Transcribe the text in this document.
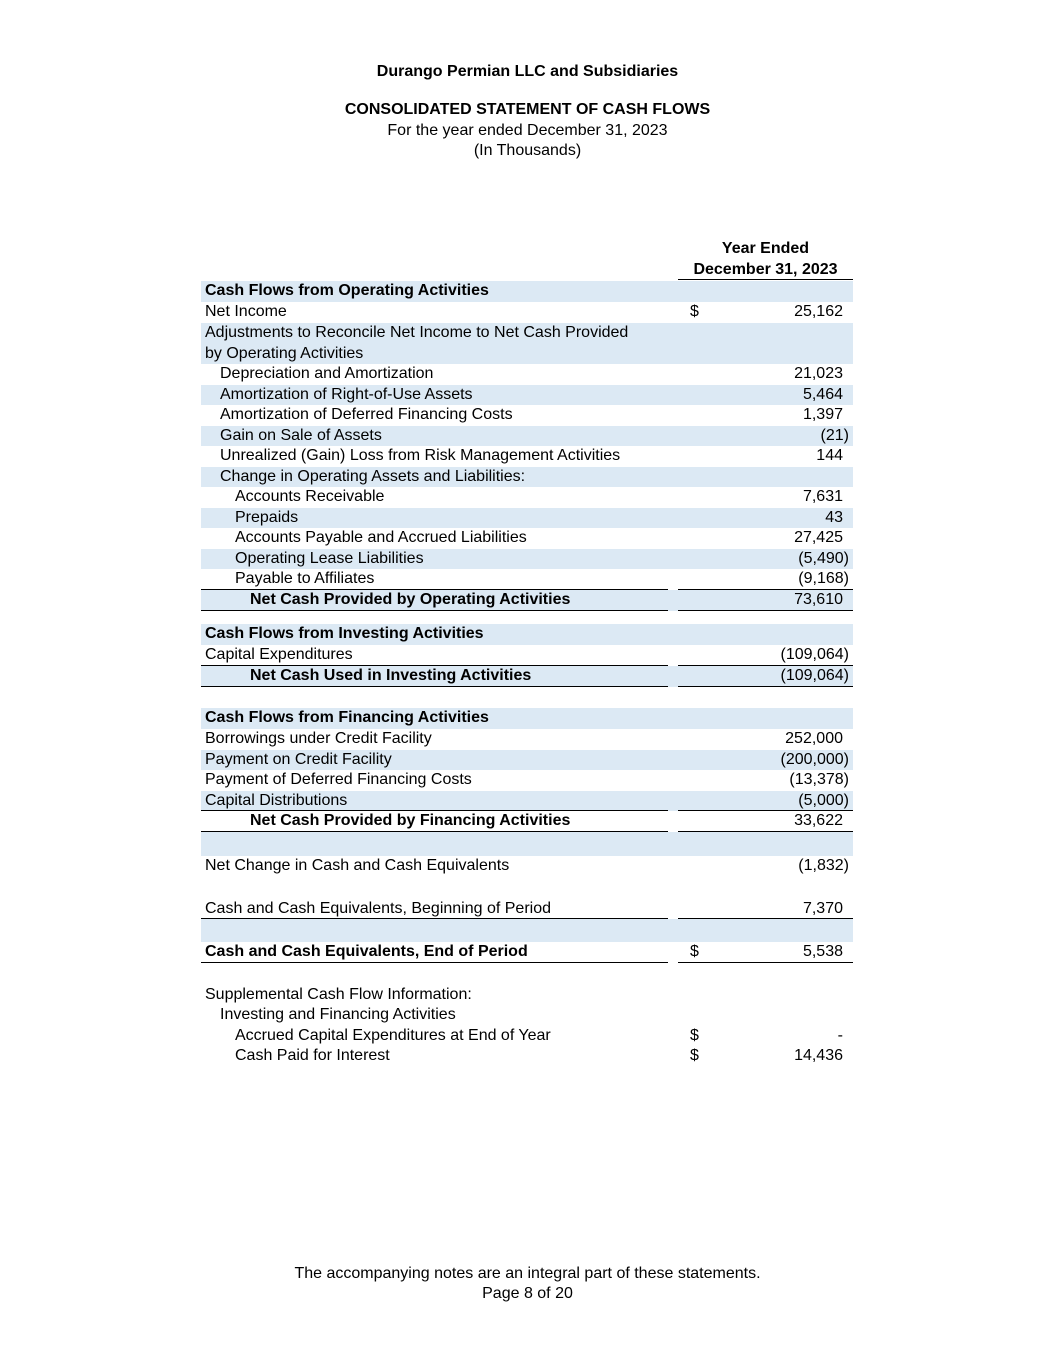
Durango Permian LLC and Subsidiaries
CONSOLIDATED STATEMENT OF CASH FLOWS
For the year ended December 31, 2023
(In Thousands)
Year Ended
December 31, 2023
Cash Flows from Operating Activities
Net Income	$	25,162
Adjustments to Reconcile Net Income to Net Cash Provided
by Operating Activities
Depreciation and Amortization	21,023
Amortization of Right-of-Use Assets	5,464
Amortization of Deferred Financing Costs	1,397
Gain on Sale of Assets	(21)
Unrealized (Gain) Loss from Risk Management Activities	144
Change in Operating Assets and Liabilities:
Accounts Receivable	7,631
Prepaids	43
Accounts Payable and Accrued Liabilities	27,425
Operating Lease Liabilities	(5,490)
Payable to Affiliates	(9,168)
Net Cash Provided by Operating Activities	73,610
Cash Flows from Investing Activities
Capital Expenditures	(109,064)
Net Cash Used in Investing Activities	(109,064)
Cash Flows from Financing Activities
Borrowings under Credit Facility	252,000
Payment on Credit Facility	(200,000)
Payment of Deferred Financing Costs	(13,378)
Capital Distributions	(5,000)
Net Cash Provided by Financing Activities	33,622
Net Change in Cash and Cash Equivalents	(1,832)
Cash and Cash Equivalents, Beginning of Period	7,370
Cash and Cash Equivalents, End of Period	$	5,538
Supplemental Cash Flow Information:
Investing and Financing Activities
Accrued Capital Expenditures at End of Year	$	-
Cash Paid for Interest	$	14,436
The accompanying notes are an integral part of these statements.
Page 8 of 20
